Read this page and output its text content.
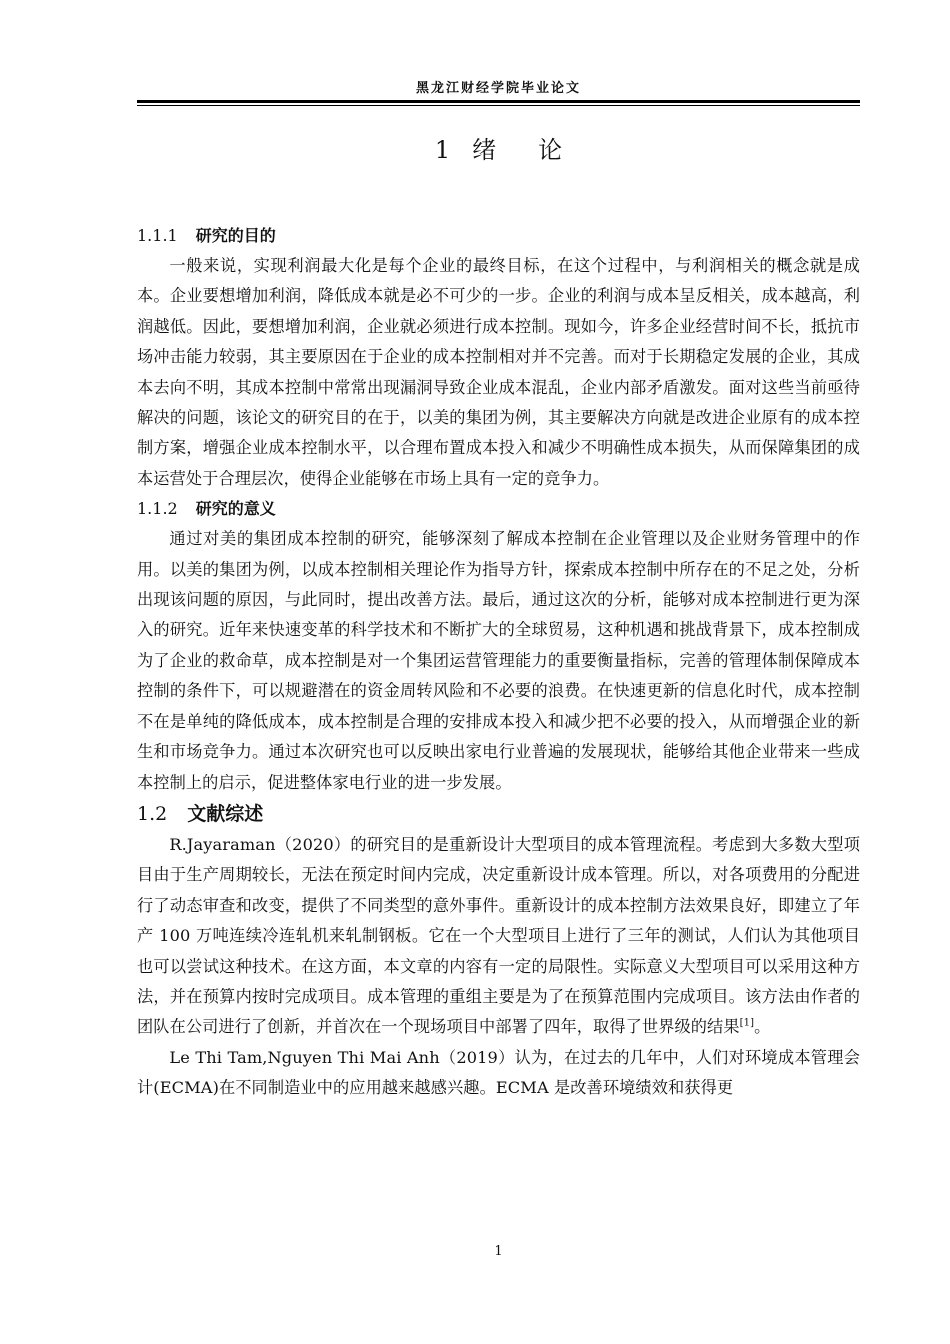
黑龙江财经学院毕业论文
1 绪 论
1.1.1 研究的目的

一般来说，实现利润最大化是每个企业的最终目标，在这个过程中，与利润相关的概念就是成本。企业要想增加利润，降低成本就是必不可少的一步。企业的利润与成本呈反相关，成本越高，利润越低。因此，要想增加利润，企业就必须进行成本控制。现如今，许多企业经营时间不长，抵抗市场冲击能力较弱，其主要原因在于企业的成本控制相对并不完善。而对于长期稳定发展的企业，其成本去向不明，其成本控制中常常出现漏洞导致企业成本混乱，企业内部矛盾激发。面对这些当前亟待解决的问题，该论文的研究目的在于，以美的集团为例，其主要解决方向就是改进企业原有的成本控制方案，增强企业成本控制水平，以合理布置成本投入和减少不明确性成本损失，从而保障集团的成本运营处于合理层次，使得企业能够在市场上具有一定的竞争力。

1.1.2 研究的意义

通过对美的集团成本控制的研究，能够深刻了解成本控制在企业管理以及企业财务管理中的作用。以美的集团为例，以成本控制相关理论作为指导方针，探索成本控制中所存在的不足之处，分析出现该问题的原因，与此同时，提出改善方法。最后，通过这次的分析，能够对成本控制进行更为深入的研究。近年来快速变革的科学技术和不断扩大的全球贸易，这种机遇和挑战背景下，成本控制成为了企业的救命草，成本控制是对一个集团运营管理能力的重要衡量指标，完善的管理体制保障成本控制的条件下，可以规避潜在的资金周转风险和不必要的浪费。在快速更新的信息化时代，成本控制不在是单纯的降低成本，成本控制是合理的安排成本投入和减少把不必要的投入，从而增强企业的新生和市场竞争力。通过本次研究也可以反映出家电行业普遍的发展现状，能够给其他企业带来一些成本控制上的启示，促进整体家电行业的进一步发展。

1.2 文献综述

R.Jayaraman（2020）的研究目的是重新设计大型项目的成本管理流程。考虑到大多数大型项目由于生产周期较长，无法在预定时间内完成，决定重新设计成本管理。所以，对各项费用的分配进行了动态审查和改变，提供了不同类型的意外事件。重新设计的成本控制方法效果良好，即建立了年产 100 万吨连续冷连轧机来轧制钢板。它在一个大型项目上进行了三年的测试，人们认为其他项目也可以尝试这种技术。在这方面，本文章的内容有一定的局限性。实际意义大型项目可以采用这种方法，并在预算内按时完成项目。成本管理的重组主要是为了在预算范围内完成项目。该方法由作者的团队在公司进行了创新，并首次在一个现场项目中部署了四年，取得了世界级的结果[1]。

Le Thi Tam,Nguyen Thi Mai Anh（2019）认为，在过去的几年中，人们对环境成本管理会计(ECMA)在不同制造业中的应用越来越感兴趣。ECMA 是改善环境绩效和获得更

1
